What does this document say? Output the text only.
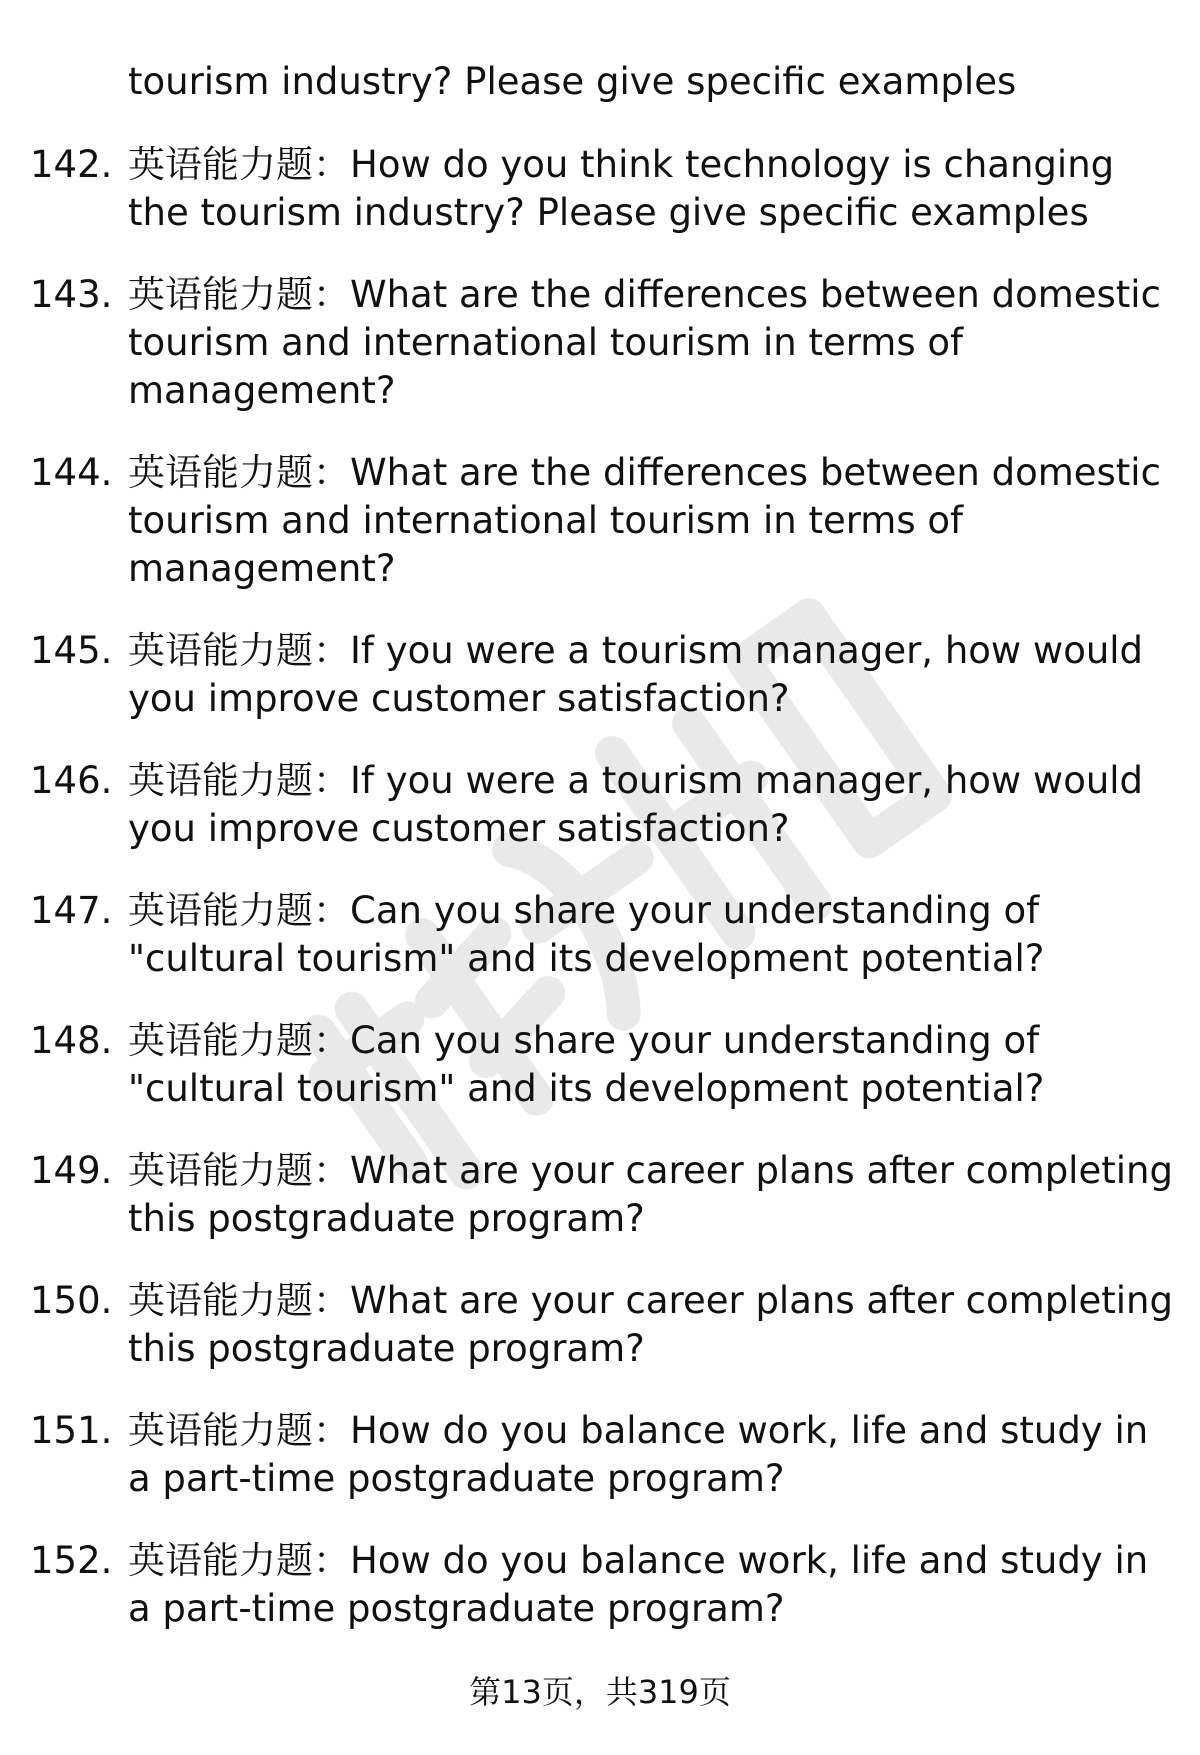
tourism industry? Please give specific examples

142. 英语能力题：How do you think technology is changing the tourism industry? Please give specific examples
143. 英语能力题：What are the differences between domestic tourism and international tourism in terms of management?
144. 英语能力题：What are the differences between domestic tourism and international tourism in terms of management?
145. 英语能力题：If you were a tourism manager, how would you improve customer satisfaction?
146. 英语能力题：If you were a tourism manager, how would you improve customer satisfaction?
147. 英语能力题：Can you share your understanding of "cultural tourism" and its development potential?
148. 英语能力题：Can you share your understanding of "cultural tourism" and its development potential?
149. 英语能力题：What are your career plans after completing this postgraduate program?
150. 英语能力题：What are your career plans after completing this postgraduate program?
151. 英语能力题：How do you balance work, life and study in a part-time postgraduate program?
152. 英语能力题：How do you balance work, life and study in a part-time postgraduate program?
第13页，共319页
